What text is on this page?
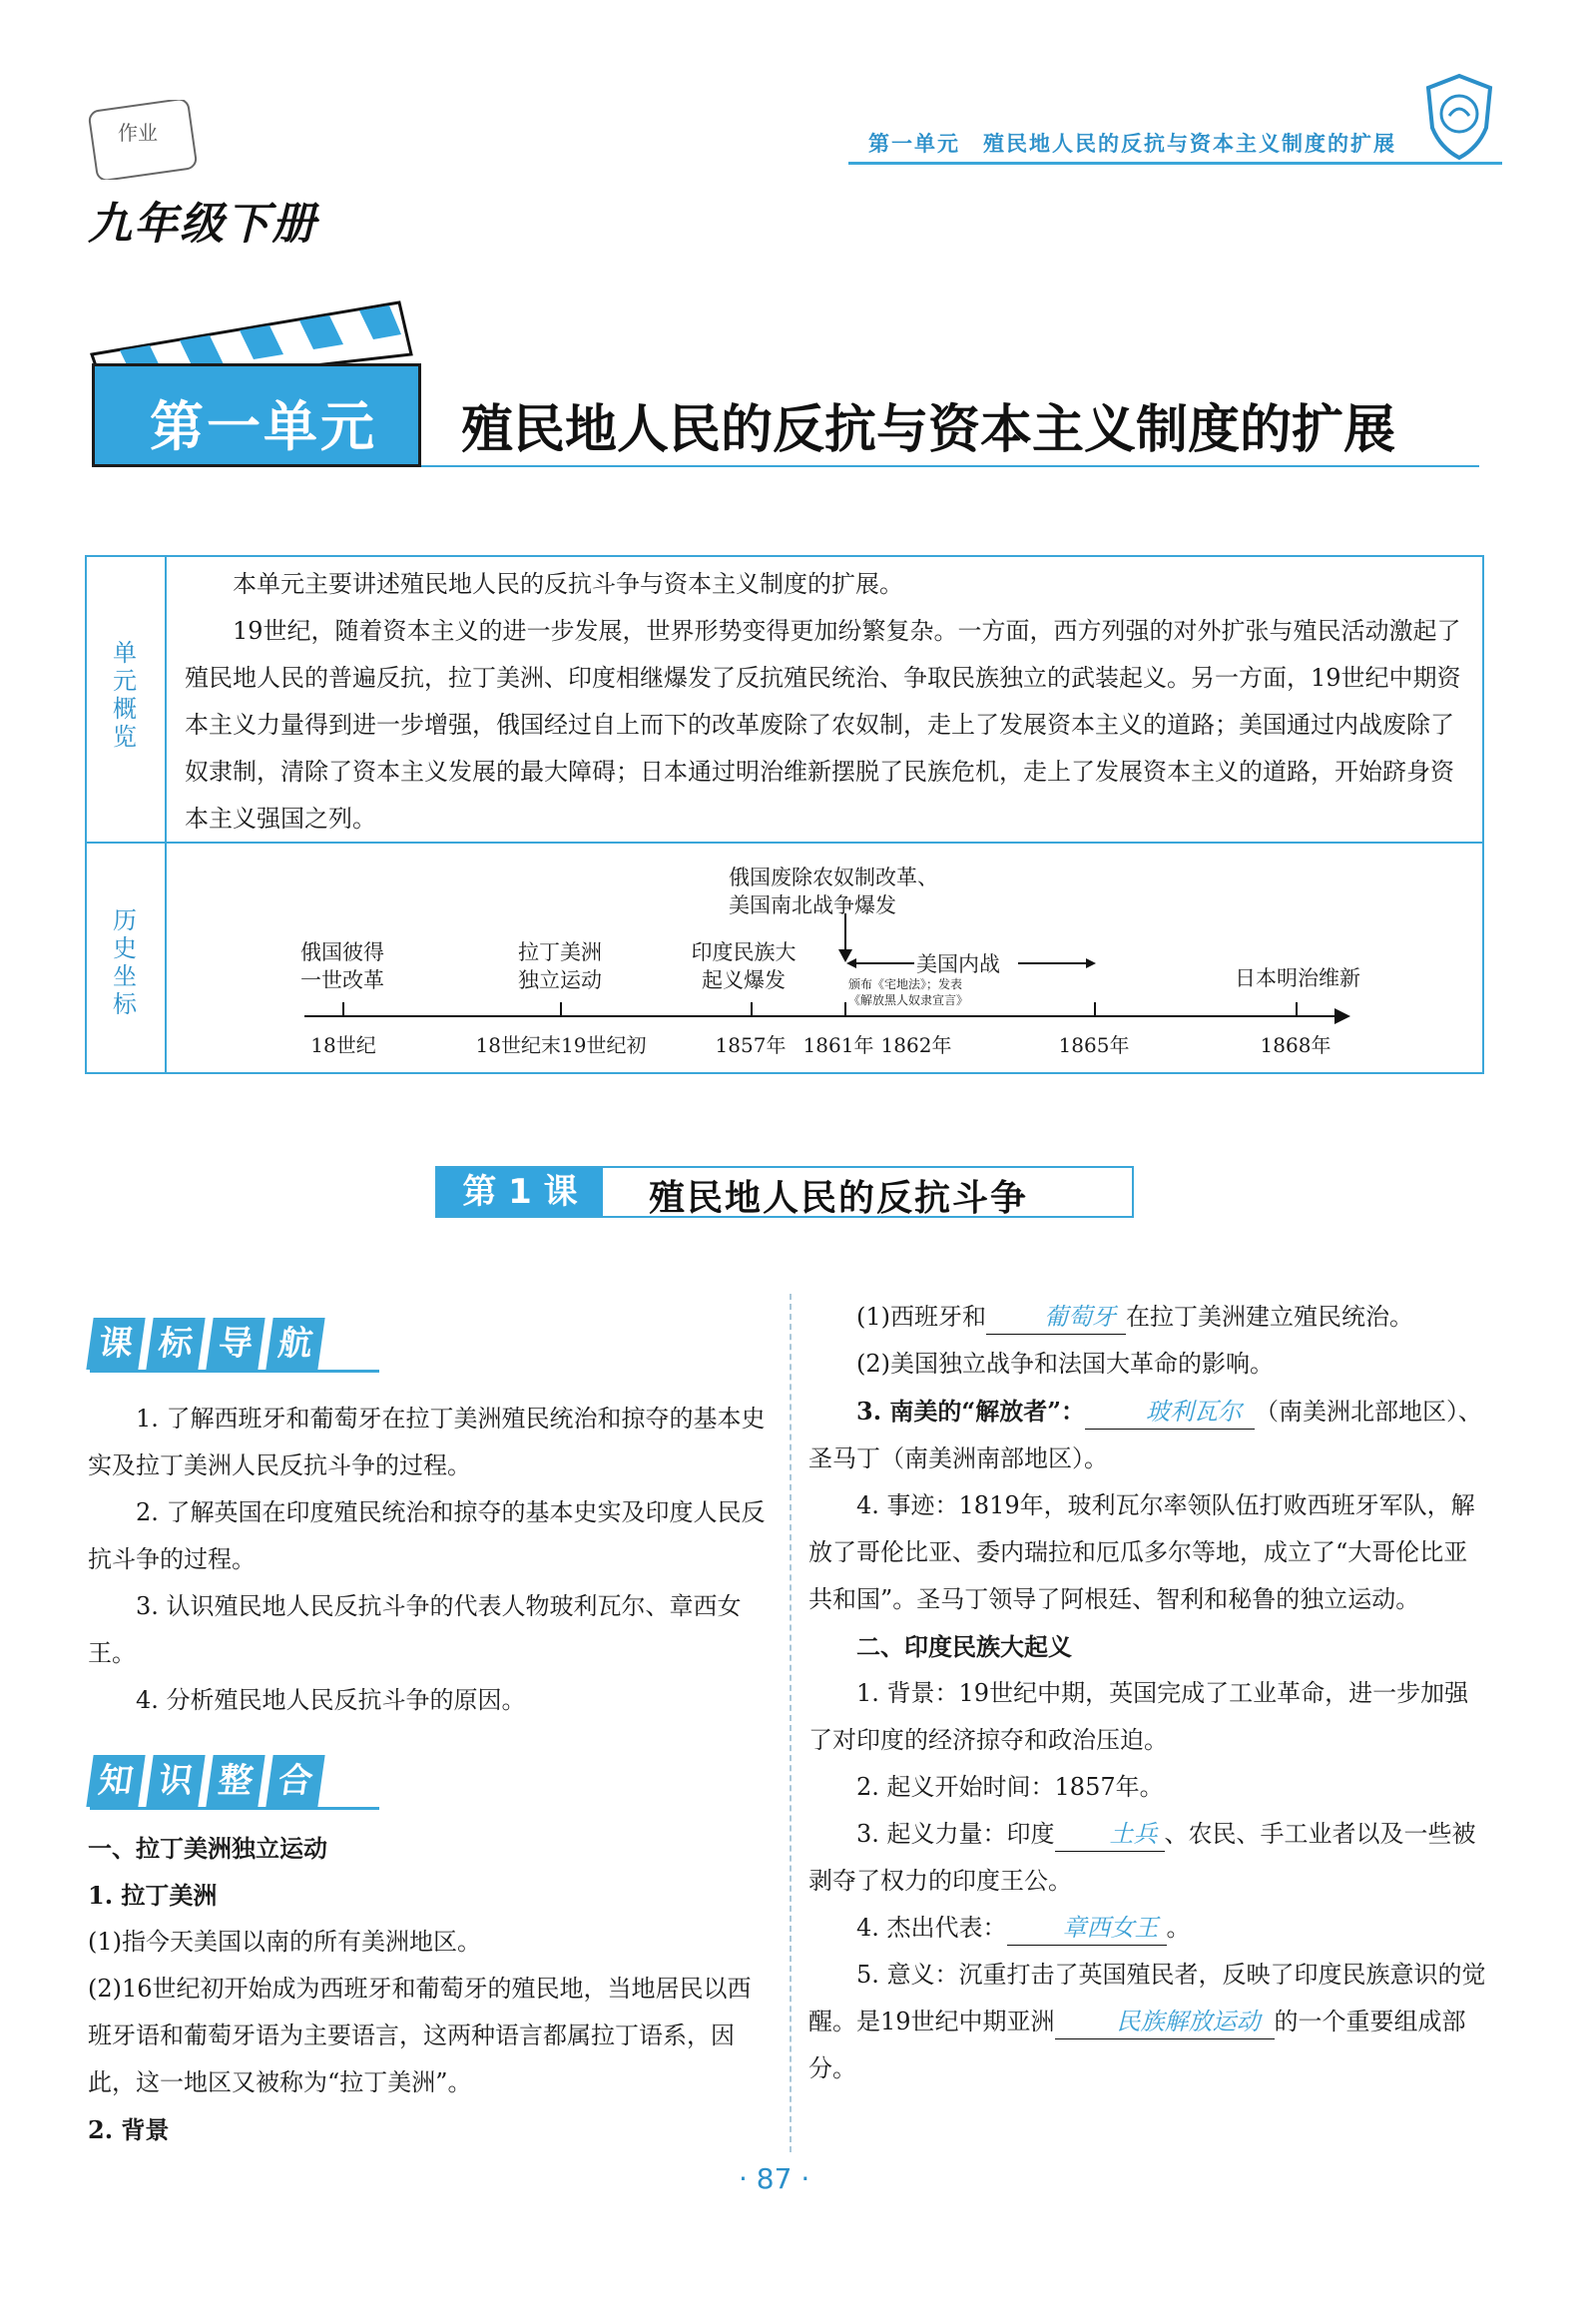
作业
九年级下册
第一单元　殖民地人民的反抗与资本主义制度的扩展
第一单元 殖民地人民的反抗与资本主义制度的扩展
单元概览

本单元主要讲述殖民地人民的反抗斗争与资本主义制度的扩展。

19世纪，随着资本主义的进一步发展，世界形势变得更加纷繁复杂。一方面，西方列强的对外扩张与殖民活动激起了殖民地人民的普遍反抗，拉丁美洲、印度相继爆发了反抗殖民统治、争取民族独立的武装起义。另一方面，19世纪中期资本主义力量得到进一步增强，俄国经过自上而下的改革废除了农奴制，走上了发展资本主义的道路；美国通过内战废除了奴隶制，清除了资本主义发展的最大障碍；日本通过明治维新摆脱了民族危机，走上了发展资本主义的道路，开始跻身资本主义强国之列。

历史坐标
俄国彼得
一世改革
拉丁美洲
独立运动
印度民族大
起义爆发
俄国废除农奴制改革、
美国南北战争爆发
日本明治维新
美国内战
颁布《宅地法》；发表
《解放黑人奴隶宣言》
18世纪	18世纪末19世纪初	1857年 1861年 1862年	1865年	1868年
第 1 课	殖民地人民的反抗斗争
课 标 导 航

1. 了解西班牙和葡萄牙在拉丁美洲殖民统治和掠夺的基本史实及拉丁美洲人民反抗斗争的过程。

2. 了解英国在印度殖民统治和掠夺的基本史实及印度人民反抗斗争的过程。

3. 认识殖民地人民反抗斗争的代表人物玻利瓦尔、章西女王。

4. 分析殖民地人民反抗斗争的原因。

知 识 整 合

一、拉丁美洲独立运动

1. 拉丁美洲

(1)指今天美国以南的所有美洲地区。

(2)16世纪初开始成为西班牙和葡萄牙的殖民地，当地居民以西班牙语和葡萄牙语为主要语言，这两种语言都属拉丁语系，因此，这一地区又被称为“拉丁美洲”。

2. 背景

(1)西班牙和 葡萄牙 在拉丁美洲建立殖民统治。

(2)美国独立战争和法国大革命的影响。

3. 南美的“解放者”：	玻利瓦尔 （南美洲北部地区）、圣马丁（南美洲南部地区）。

4. 事迹：1819年，玻利瓦尔率领队伍打败西班牙军队，解放了哥伦比亚、委内瑞拉和厄瓜多尔等地，成立了“大哥伦比亚共和国”。圣马丁领导了阿根廷、智利和秘鲁的独立运动。

二、印度民族大起义

1. 背景：19世纪中期，英国完成了工业革命，进一步加强了对印度的经济掠夺和政治压迫。

2. 起义开始时间：1857年。

3. 起义力量：印度 土兵 、农民、手工业者以及一些被剥夺了权力的印度王公。

4. 杰出代表： 章西女王 。

5. 意义：沉重打击了英国殖民者，反映了印度民族意识的觉醒。是19世纪中期亚洲	民族解放运动 的一个重要组成部分。

· 87 ·
